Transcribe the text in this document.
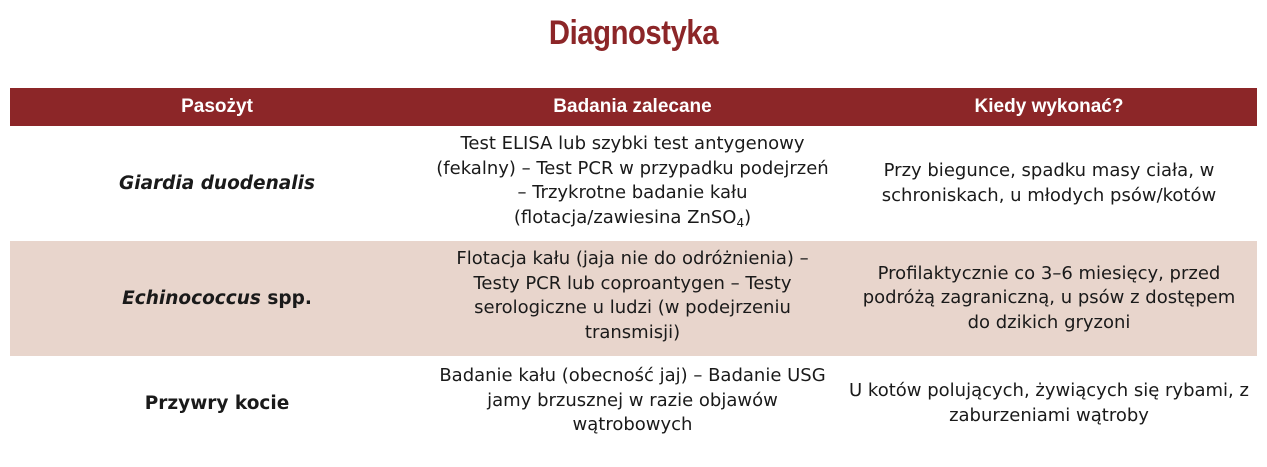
Diagnostyka
Pasożyt	Badania zalecane	Kiedy wykonać?
Giardia duodenalis
Test ELISA lub szybki test antygenowy (fekalny) – Test PCR w przypadku podejrzeń – Trzykrotne badanie kału (flotacja/zawiesina ZnSO$_4$)
Przy biegunce, spadku masy ciała, w schroniskach, u młodych psów/kotów
Echinococcus spp.
Flotacja kału (jaja nie do odróżnienia) – Testy PCR lub coproantygen – Testy serologiczne u ludzi (w podejrzeniu transmisji)
Profilaktycznie co 3–6 miesięcy, przed podróżą zagraniczną, u psów z dostępem do dzikich gryzoni
Przywry kocie
Badanie kału (obecność jaj) – Badanie USG jamy brzusznej w razie objawów wątrobowych
U kotów polujących, żywiących się rybami, z zaburzeniami wątroby
